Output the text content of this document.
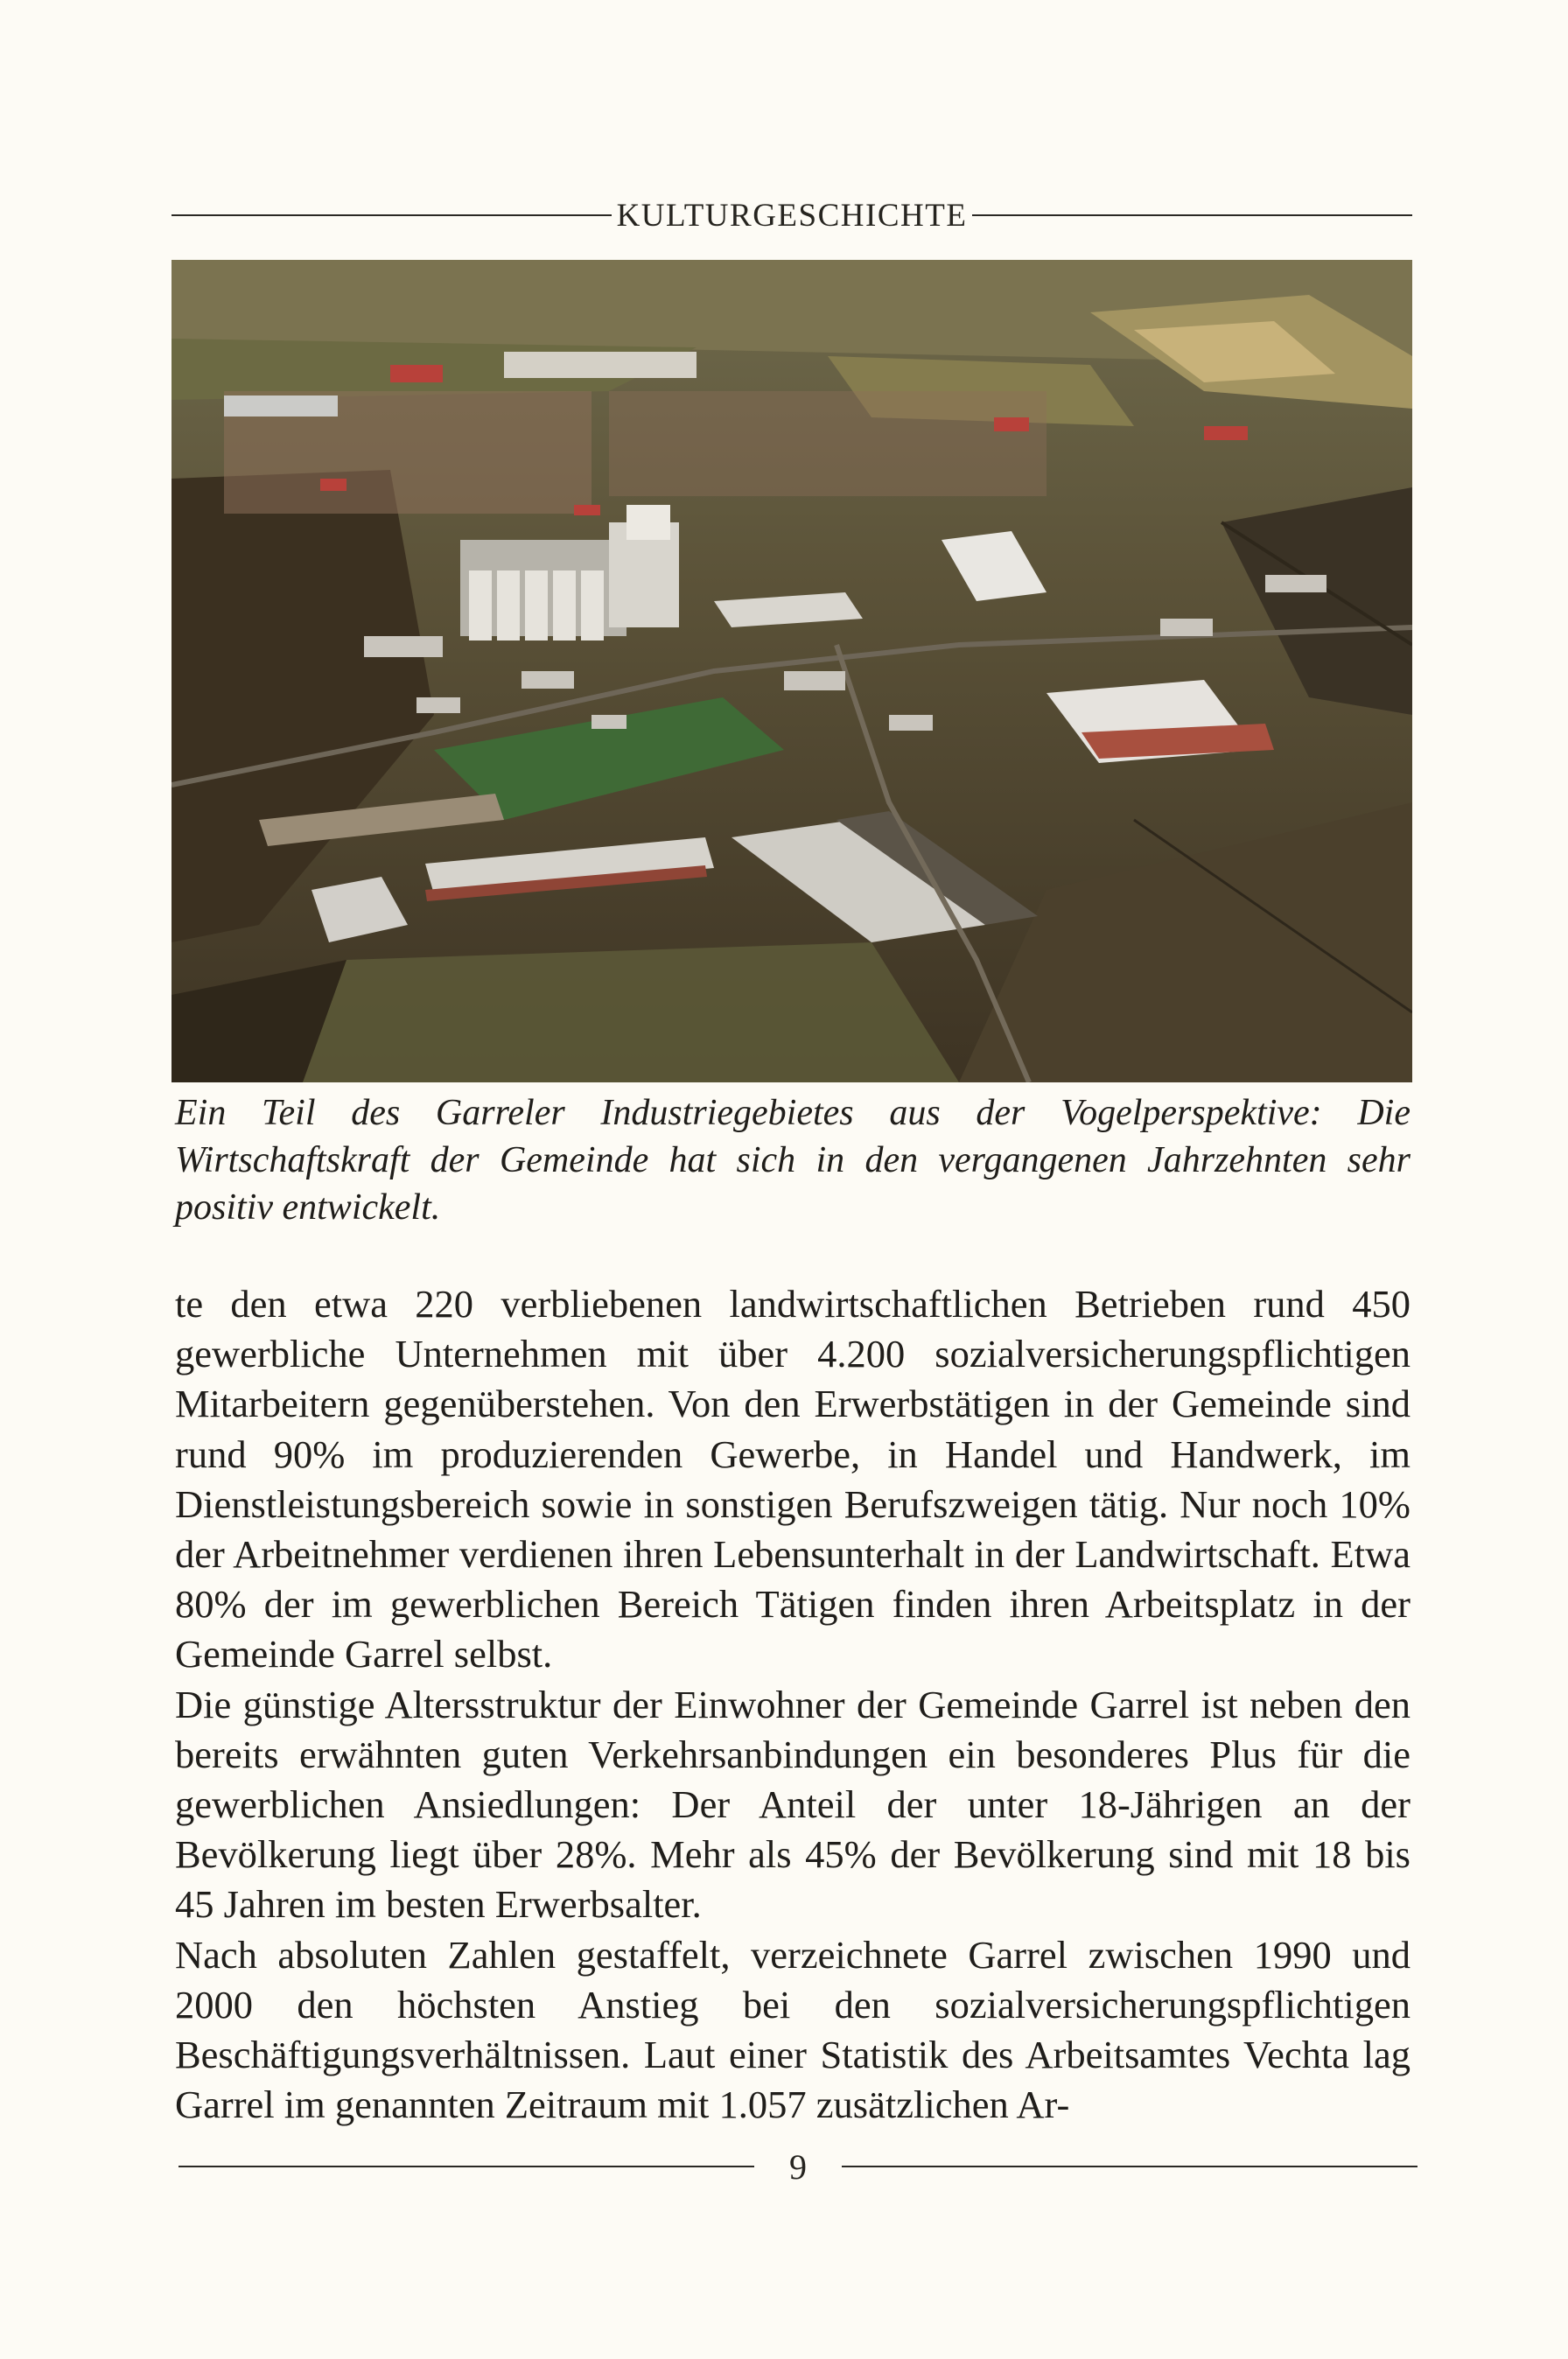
KULTURGESCHICHTE
Ein Teil des Garreler Industriegebietes aus der Vogelperspektive: Die Wirtschaftskraft der Gemeinde hat sich in den vergangenen Jahrzehnten sehr positiv entwickelt.

te den etwa 220 verbliebenen landwirtschaftlichen Betrieben rund 450 gewerbliche Unternehmen mit über 4.200 sozialversicherungspflichtigen Mitarbeitern gegenüberstehen. Von den Erwerbstätigen in der Gemeinde sind rund 90% im produzierenden Gewerbe, in Handel und Handwerk, im Dienstleistungsbereich sowie in sonstigen Berufszweigen tätig. Nur noch 10% der Arbeitnehmer verdienen ihren Lebensunterhalt in der Landwirtschaft. Etwa 80% der im gewerblichen Bereich Tätigen finden ihren Arbeitsplatz in der Gemeinde Garrel selbst.

Die günstige Altersstruktur der Einwohner der Gemeinde Garrel ist neben den bereits erwähnten guten Verkehrsanbindungen ein besonderes Plus für die gewerblichen Ansiedlungen: Der Anteil der unter 18-Jährigen an der Bevölkerung liegt über 28%. Mehr als 45% der Bevölkerung sind mit 18 bis 45 Jahren im besten Erwerbsalter.

Nach absoluten Zahlen gestaffelt, verzeichnete Garrel zwischen 1990 und 2000 den höchsten Anstieg bei den sozialversicherungspflichtigen Beschäftigungsverhältnissen. Laut einer Statistik des Arbeitsamtes Vechta lag Garrel im genannten Zeitraum mit 1.057 zusätzlichen Ar-

9
